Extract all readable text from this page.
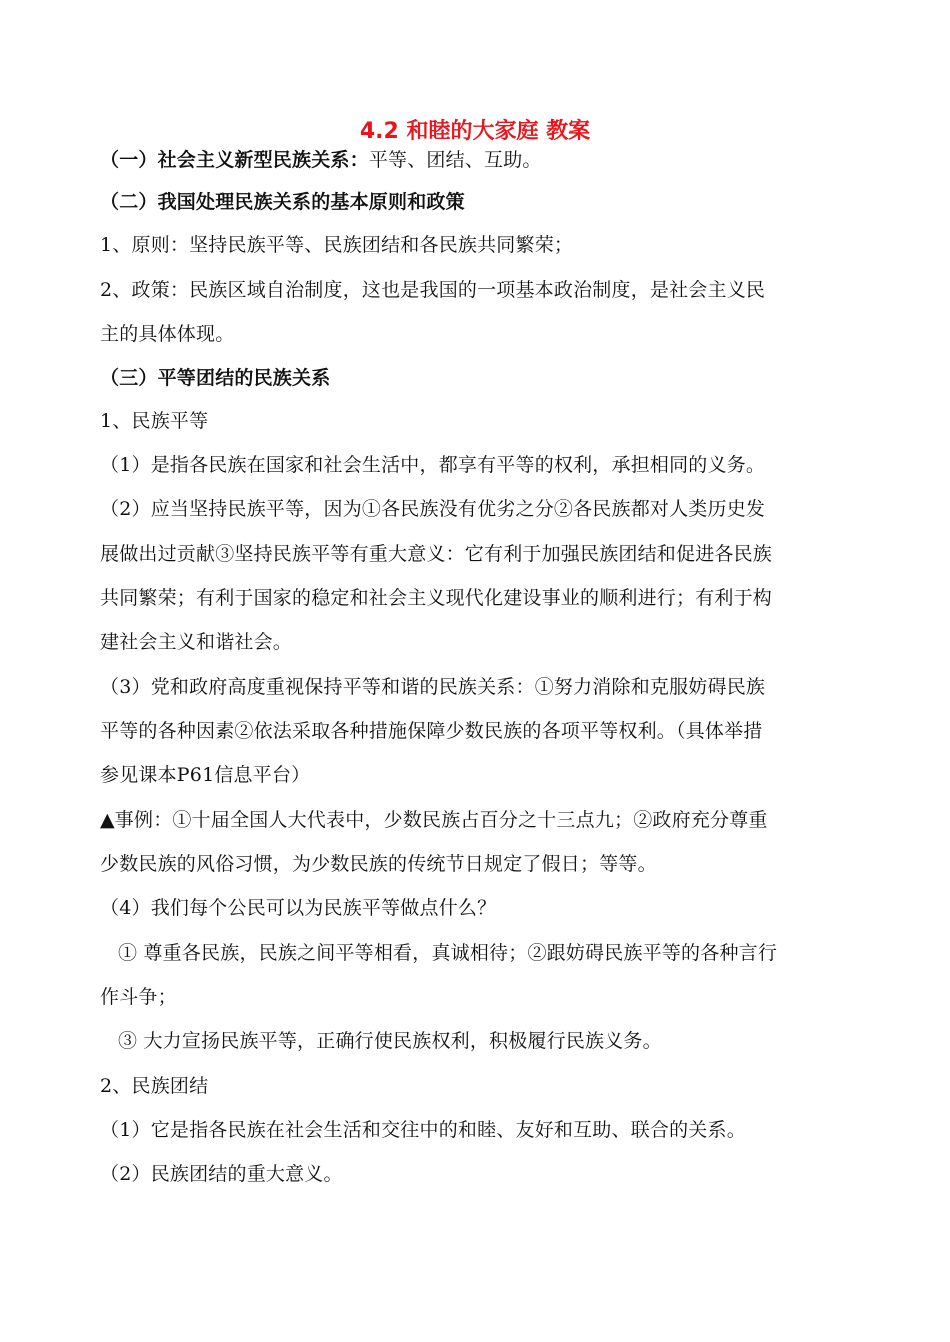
4.2 和睦的大家庭 教案
（一）社会主义新型民族关系：平等、团结、互助。
（二）我国处理民族关系的基本原则和政策
1、原则：坚持民族平等、民族团结和各民族共同繁荣；
2、政策：民族区域自治制度，这也是我国的一项基本政治制度，是社会主义民
主的具体体现。
（三）平等团结的民族关系
1、民族平等
（1）是指各民族在国家和社会生活中，都享有平等的权利，承担相同的义务。
（2）应当坚持民族平等，因为①各民族没有优劣之分②各民族都对人类历史发
展做出过贡献③坚持民族平等有重大意义：它有利于加强民族团结和促进各民族
共同繁荣；有利于国家的稳定和社会主义现代化建设事业的顺利进行；有利于构
建社会主义和谐社会。
（3）党和政府高度重视保持平等和谐的民族关系：①努力消除和克服妨碍民族
平等的各种因素②依法采取各种措施保障少数民族的各项平等权利。（具体举措
参见课本P61信息平台）
▲事例：①十届全国人大代表中，少数民族占百分之十三点九；②政府充分尊重
少数民族的风俗习惯，为少数民族的传统节日规定了假日；等等。
（4）我们每个公民可以为民族平等做点什么？
① 尊重各民族，民族之间平等相看，真诚相待；②跟妨碍民族平等的各种言行
作斗争；
③ 大力宣扬民族平等，正确行使民族权利，积极履行民族义务。
2、民族团结
（1）它是指各民族在社会生活和交往中的和睦、友好和互助、联合的关系。
（2）民族团结的重大意义。
